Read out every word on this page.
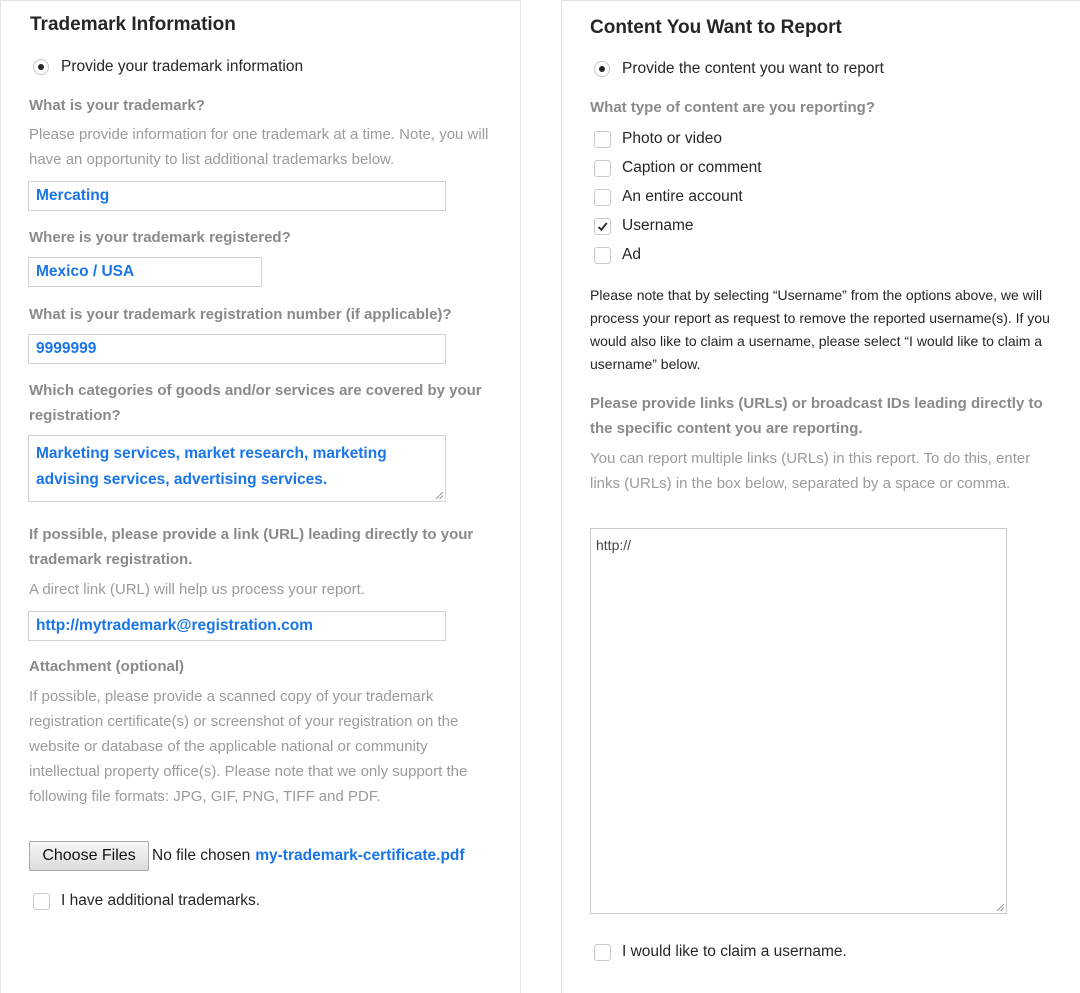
Trademark Information
Provide your trademark information
What is your trademark?
Please provide information for one trademark at a time. Note, you will have an opportunity to list additional trademarks below.
Mercating
Where is your trademark registered?
Mexico / USA
What is your trademark registration number (if applicable)?
9999999
Which categories of goods and/or services are covered by your registration?
Marketing services, market research, marketing advising services, advertising services.
If possible, please provide a link (URL) leading directly to your trademark registration.
A direct link (URL) will help us process your report.
http://mytrademark@registration.com
Attachment (optional)
If possible, please provide a scanned copy of your trademark registration certificate(s) or screenshot of your registration on the website or database of the applicable national or community intellectual property office(s). Please note that we only support the following file formats: JPG, GIF, PNG, TIFF and PDF.
Choose Files	No file chosen my-trademark-certificate.pdf
I have additional trademarks.
Content You Want to Report
Provide the content you want to report
What type of content are you reporting?
Photo or video
Caption or comment
An entire account
Username
Ad
Please note that by selecting “Username” from the options above, we will process your report as request to remove the reported username(s). If you would also like to claim a username, please select “I would like to claim a username” below.
Please provide links (URLs) or broadcast IDs leading directly to the specific content you are reporting.
You can report multiple links (URLs) in this report. To do this, enter links (URLs) in the box below, separated by a space or comma.
http://
I would like to claim a username.
